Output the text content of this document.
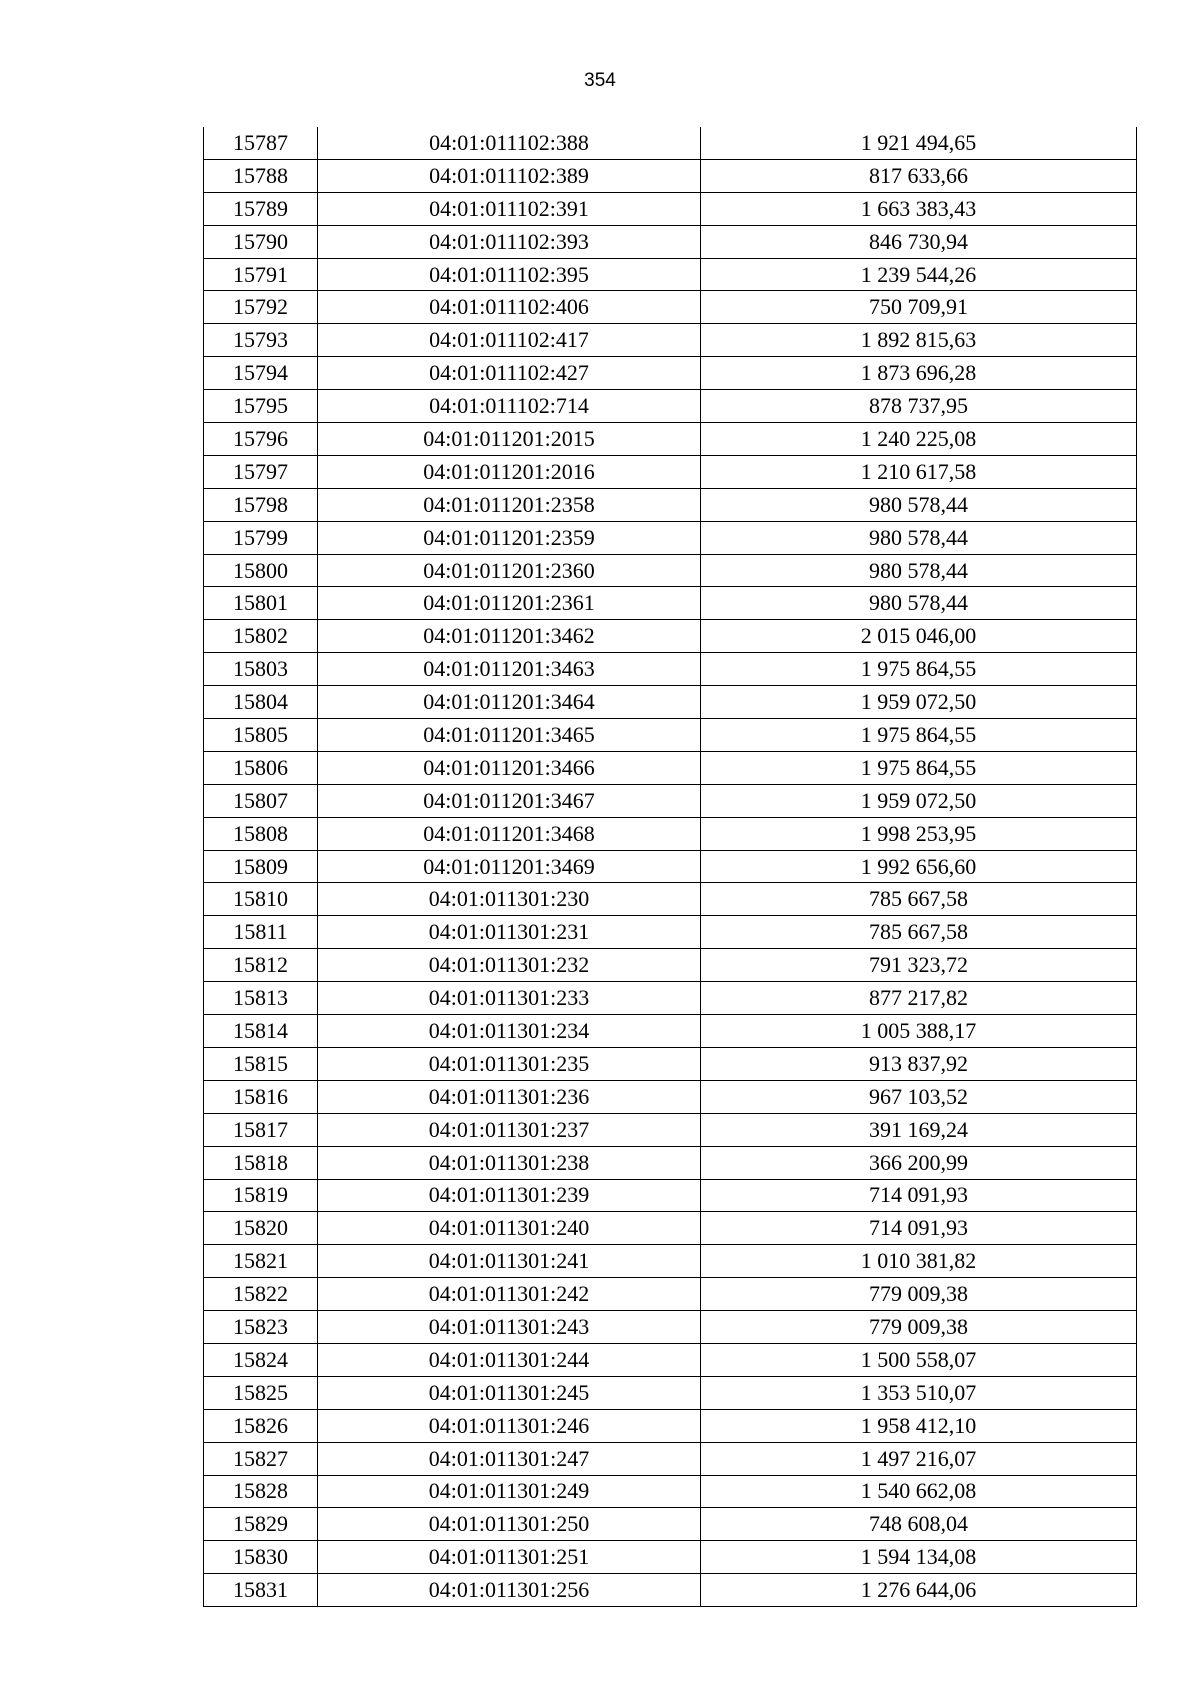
354
15787	04:01:011102:388	1 921 494,65
15788	04:01:011102:389	817 633,66
15789	04:01:011102:391	1 663 383,43
15790	04:01:011102:393	846 730,94
15791	04:01:011102:395	1 239 544,26
15792	04:01:011102:406	750 709,91
15793	04:01:011102:417	1 892 815,63
15794	04:01:011102:427	1 873 696,28
15795	04:01:011102:714	878 737,95
15796	04:01:011201:2015	1 240 225,08
15797	04:01:011201:2016	1 210 617,58
15798	04:01:011201:2358	980 578,44
15799	04:01:011201:2359	980 578,44
15800	04:01:011201:2360	980 578,44
15801	04:01:011201:2361	980 578,44
15802	04:01:011201:3462	2 015 046,00
15803	04:01:011201:3463	1 975 864,55
15804	04:01:011201:3464	1 959 072,50
15805	04:01:011201:3465	1 975 864,55
15806	04:01:011201:3466	1 975 864,55
15807	04:01:011201:3467	1 959 072,50
15808	04:01:011201:3468	1 998 253,95
15809	04:01:011201:3469	1 992 656,60
15810	04:01:011301:230	785 667,58
15811	04:01:011301:231	785 667,58
15812	04:01:011301:232	791 323,72
15813	04:01:011301:233	877 217,82
15814	04:01:011301:234	1 005 388,17
15815	04:01:011301:235	913 837,92
15816	04:01:011301:236	967 103,52
15817	04:01:011301:237	391 169,24
15818	04:01:011301:238	366 200,99
15819	04:01:011301:239	714 091,93
15820	04:01:011301:240	714 091,93
15821	04:01:011301:241	1 010 381,82
15822	04:01:011301:242	779 009,38
15823	04:01:011301:243	779 009,38
15824	04:01:011301:244	1 500 558,07
15825	04:01:011301:245	1 353 510,07
15826	04:01:011301:246	1 958 412,10
15827	04:01:011301:247	1 497 216,07
15828	04:01:011301:249	1 540 662,08
15829	04:01:011301:250	748 608,04
15830	04:01:011301:251	1 594 134,08
15831	04:01:011301:256	1 276 644,06
